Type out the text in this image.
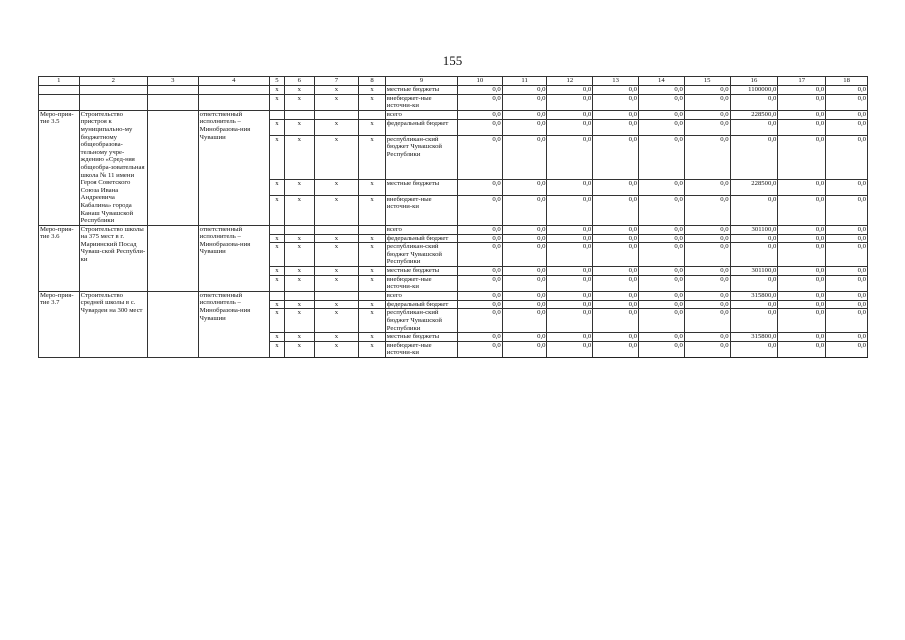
155
1	2	3	4	5	6	7	8	9	10	11	12	13	14	15	16	17	18
				х	х	х	х	местные бюджеты	0,0	0,0	0,0	0,0	0,0	0,0	1100000,0	0,0	0,0
				х	х	х	х	внебюджет-ные источни-ки	0,0	0,0	0,0	0,0	0,0	0,0	0,0	0,0	0,0
Меро-прия-тие 3.5	Строительство пристроя к муниципально-му бюджетному общеобразова-тельному учре-ждению «Сред-няя общеобра-зовательная школа № 11 имени Героя Советского Союза Ивана Андреевича Кабалина» города Канаш Чувашской Республики		ответственный исполнитель – Минобразова-ния Чувашии					всего	0,0	0,0	0,0	0,0	0,0	0,0	228500,0	0,0	0,0
				х	х	х	х	федеральный бюджет	0,0	0,0	0,0	0,0	0,0	0,0	0,0	0,0	0,0
				х	х	х	х	республикан-ский бюджет Чувашской Республики	0,0	0,0	0,0	0,0	0,0	0,0	0,0	0,0	0,0
				х	х	х	х	местные бюджеты	0,0	0,0	0,0	0,0	0,0	0,0	228500,0	0,0	0,0
				х	х	х	х	внебюджет-ные источни-ки	0,0	0,0	0,0	0,0	0,0	0,0	0,0	0,0	0,0
Меро-прия-тие 3.6	Строительство школы на 375 мест в г. Мариинский Посад Чуваш-ской Республи-ки		ответственный исполнитель – Минобразова-ния Чувашии					всего	0,0	0,0	0,0	0,0	0,0	0,0	301100,0	0,0	0,0
				х	х	х	х	федеральный бюджет	0,0	0,0	0,0	0,0	0,0	0,0	0,0	0,0	0,0
				х	х	х	х	республикан-ский бюджет Чувашской Республики	0,0	0,0	0,0	0,0	0,0	0,0	0,0	0,0	0,0
				х	х	х	х	местные бюджеты	0,0	0,0	0,0	0,0	0,0	0,0	301100,0	0,0	0,0
				х	х	х	х	внебюджет-ные источни-ки	0,0	0,0	0,0	0,0	0,0	0,0	0,0	0,0	0,0
Меро-прия-тие 3.7	Строительство средней школы в с. Чувардеи на 300 мест		ответственный исполнитель – Минобразова-ния Чувашии					всего	0,0	0,0	0,0	0,0	0,0	0,0	315800,0	0,0	0,0
				х	х	х	х	федеральный бюджет	0,0	0,0	0,0	0,0	0,0	0,0	0,0	0,0	0,0
				х	х	х	х	республикан-ский бюджет Чувашской Республики	0,0	0,0	0,0	0,0	0,0	0,0	0,0	0,0	0,0
				х	х	х	х	местные бюджеты	0,0	0,0	0,0	0,0	0,0	0,0	315800,0	0,0	0,0
				х	х	х	х	внебюджет-ные источни-ки	0,0	0,0	0,0	0,0	0,0	0,0	0,0	0,0	0,0
